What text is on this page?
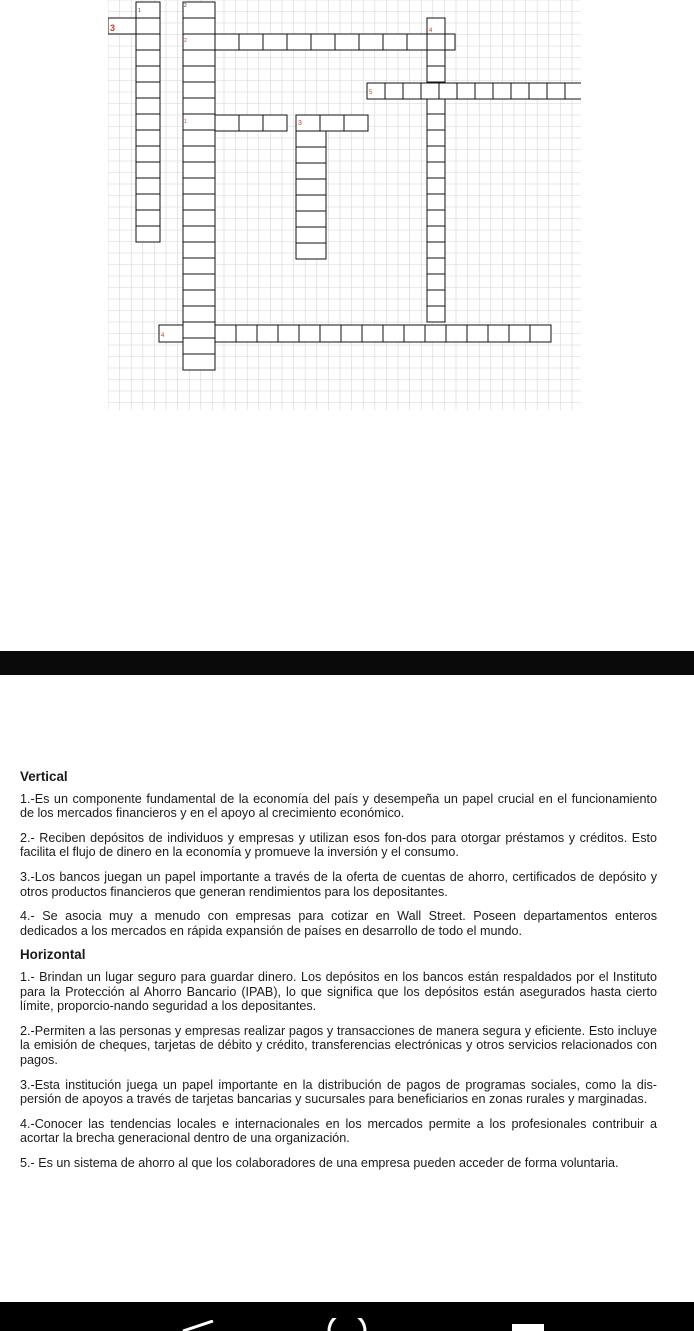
1
2
3	4
2
5
1	3
4
Vertical

1.-Es un componente fundamental de la economía del país y desempeña un papel crucial en el funcionamiento de los mercados financieros y en el apoyo al crecimiento económico.

2.- Reciben depósitos de individuos y empresas y utilizan esos fon-dos para otorgar préstamos y créditos. Esto facilita el flujo de dinero en la economía y promueve la inversión y el consumo.

3.-Los bancos juegan un papel importante a través de la oferta de cuentas de ahorro, certificados de depósito y otros productos financieros que generan rendimientos para los depositantes.

4.- Se asocia muy a menudo con empresas para cotizar en Wall Street. Poseen departamentos enteros dedicados a los mercados en rápida expansión de países en desarrollo de todo el mundo.

Horizontal

1.- Brindan un lugar seguro para guardar dinero. Los depósitos en los bancos están respaldados por el Instituto para la Protección al Ahorro Bancario (IPAB), lo que significa que los depósitos están asegurados hasta cierto límite, proporcio-nando seguridad a los depositantes.

2.-Permiten a las personas y empresas realizar pagos y transacciones de manera segura y eficiente. Esto incluye la emisión de cheques, tarjetas de débito y crédito, transferencias electrónicas y otros servicios relacionados con pagos.

3.-Esta institución juega un papel importante en la distribución de pagos de programas sociales, como la dis-persión de apoyos a través de tarjetas bancarias y sucursales para beneficiarios en zonas rurales y marginadas.

4.-Conocer las tendencias locales e internacionales en los mercados permite a los profesionales contribuir a acortar la brecha generacional dentro de una organización.

5.- Es un sistema de ahorro al que los colaboradores de una empresa pueden acceder de forma voluntaria.
